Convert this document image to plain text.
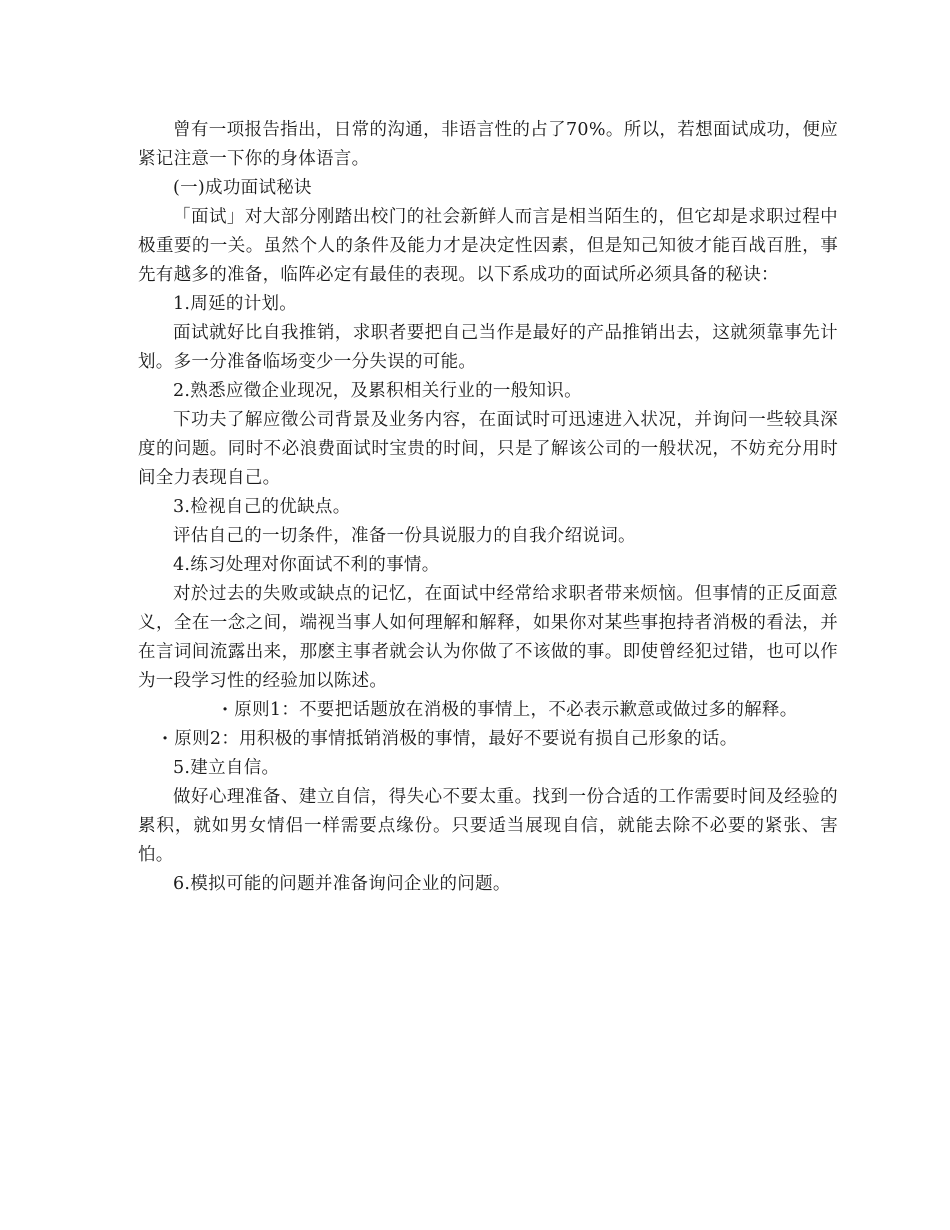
曾有一项报告指出，日常的沟通，非语言性的占了70%。所以，若想面试成功，便应紧记注意一下你的身体语言。

(一)成功面试秘诀

「面试」对大部分刚踏出校门的社会新鲜人而言是相当陌生的，但它却是求职过程中极重要的一关。虽然个人的条件及能力才是决定性因素，但是知己知彼才能百战百胜，事先有越多的准备，临阵必定有最佳的表现。以下系成功的面试所必须具备的秘诀：

1.周延的计划。

面试就好比自我推销，求职者要把自己当作是最好的产品推销出去，这就须靠事先计划。多一分准备临场变少一分失误的可能。

2.熟悉应徵企业现况，及累积相关行业的一般知识。

下功夫了解应徵公司背景及业务内容，在面试时可迅速进入状况，并询问一些较具深度的问题。同时不必浪费面试时宝贵的时间，只是了解该公司的一般状况，不妨充分用时间全力表现自己。

3.检视自己的优缺点。

评估自己的一切条件，准备一份具说服力的自我介绍说词。

4.练习处理对你面试不利的事情。

对於过去的失败或缺点的记忆，在面试中经常给求职者带来烦恼。但事情的正反面意义，全在一念之间，端视当事人如何理解和解释，如果你对某些事抱持者消极的看法，并在言词间流露出来，那麽主事者就会认为你做了不该做的事。即使曾经犯过错，也可以作为一段学习性的经验加以陈述。

· 原则1：不要把话题放在消极的事情上，不必表示歉意或做过多的解释。

· 原则2：用积极的事情抵销消极的事情，最好不要说有损自己形象的话。

5.建立自信。

做好心理准备、建立自信，得失心不要太重。找到一份合适的工作需要时间及经验的累积，就如男女情侣一样需要点缘份。只要适当展现自信，就能去除不必要的紧张、害怕。

6.模拟可能的问题并准备询问企业的问题。
